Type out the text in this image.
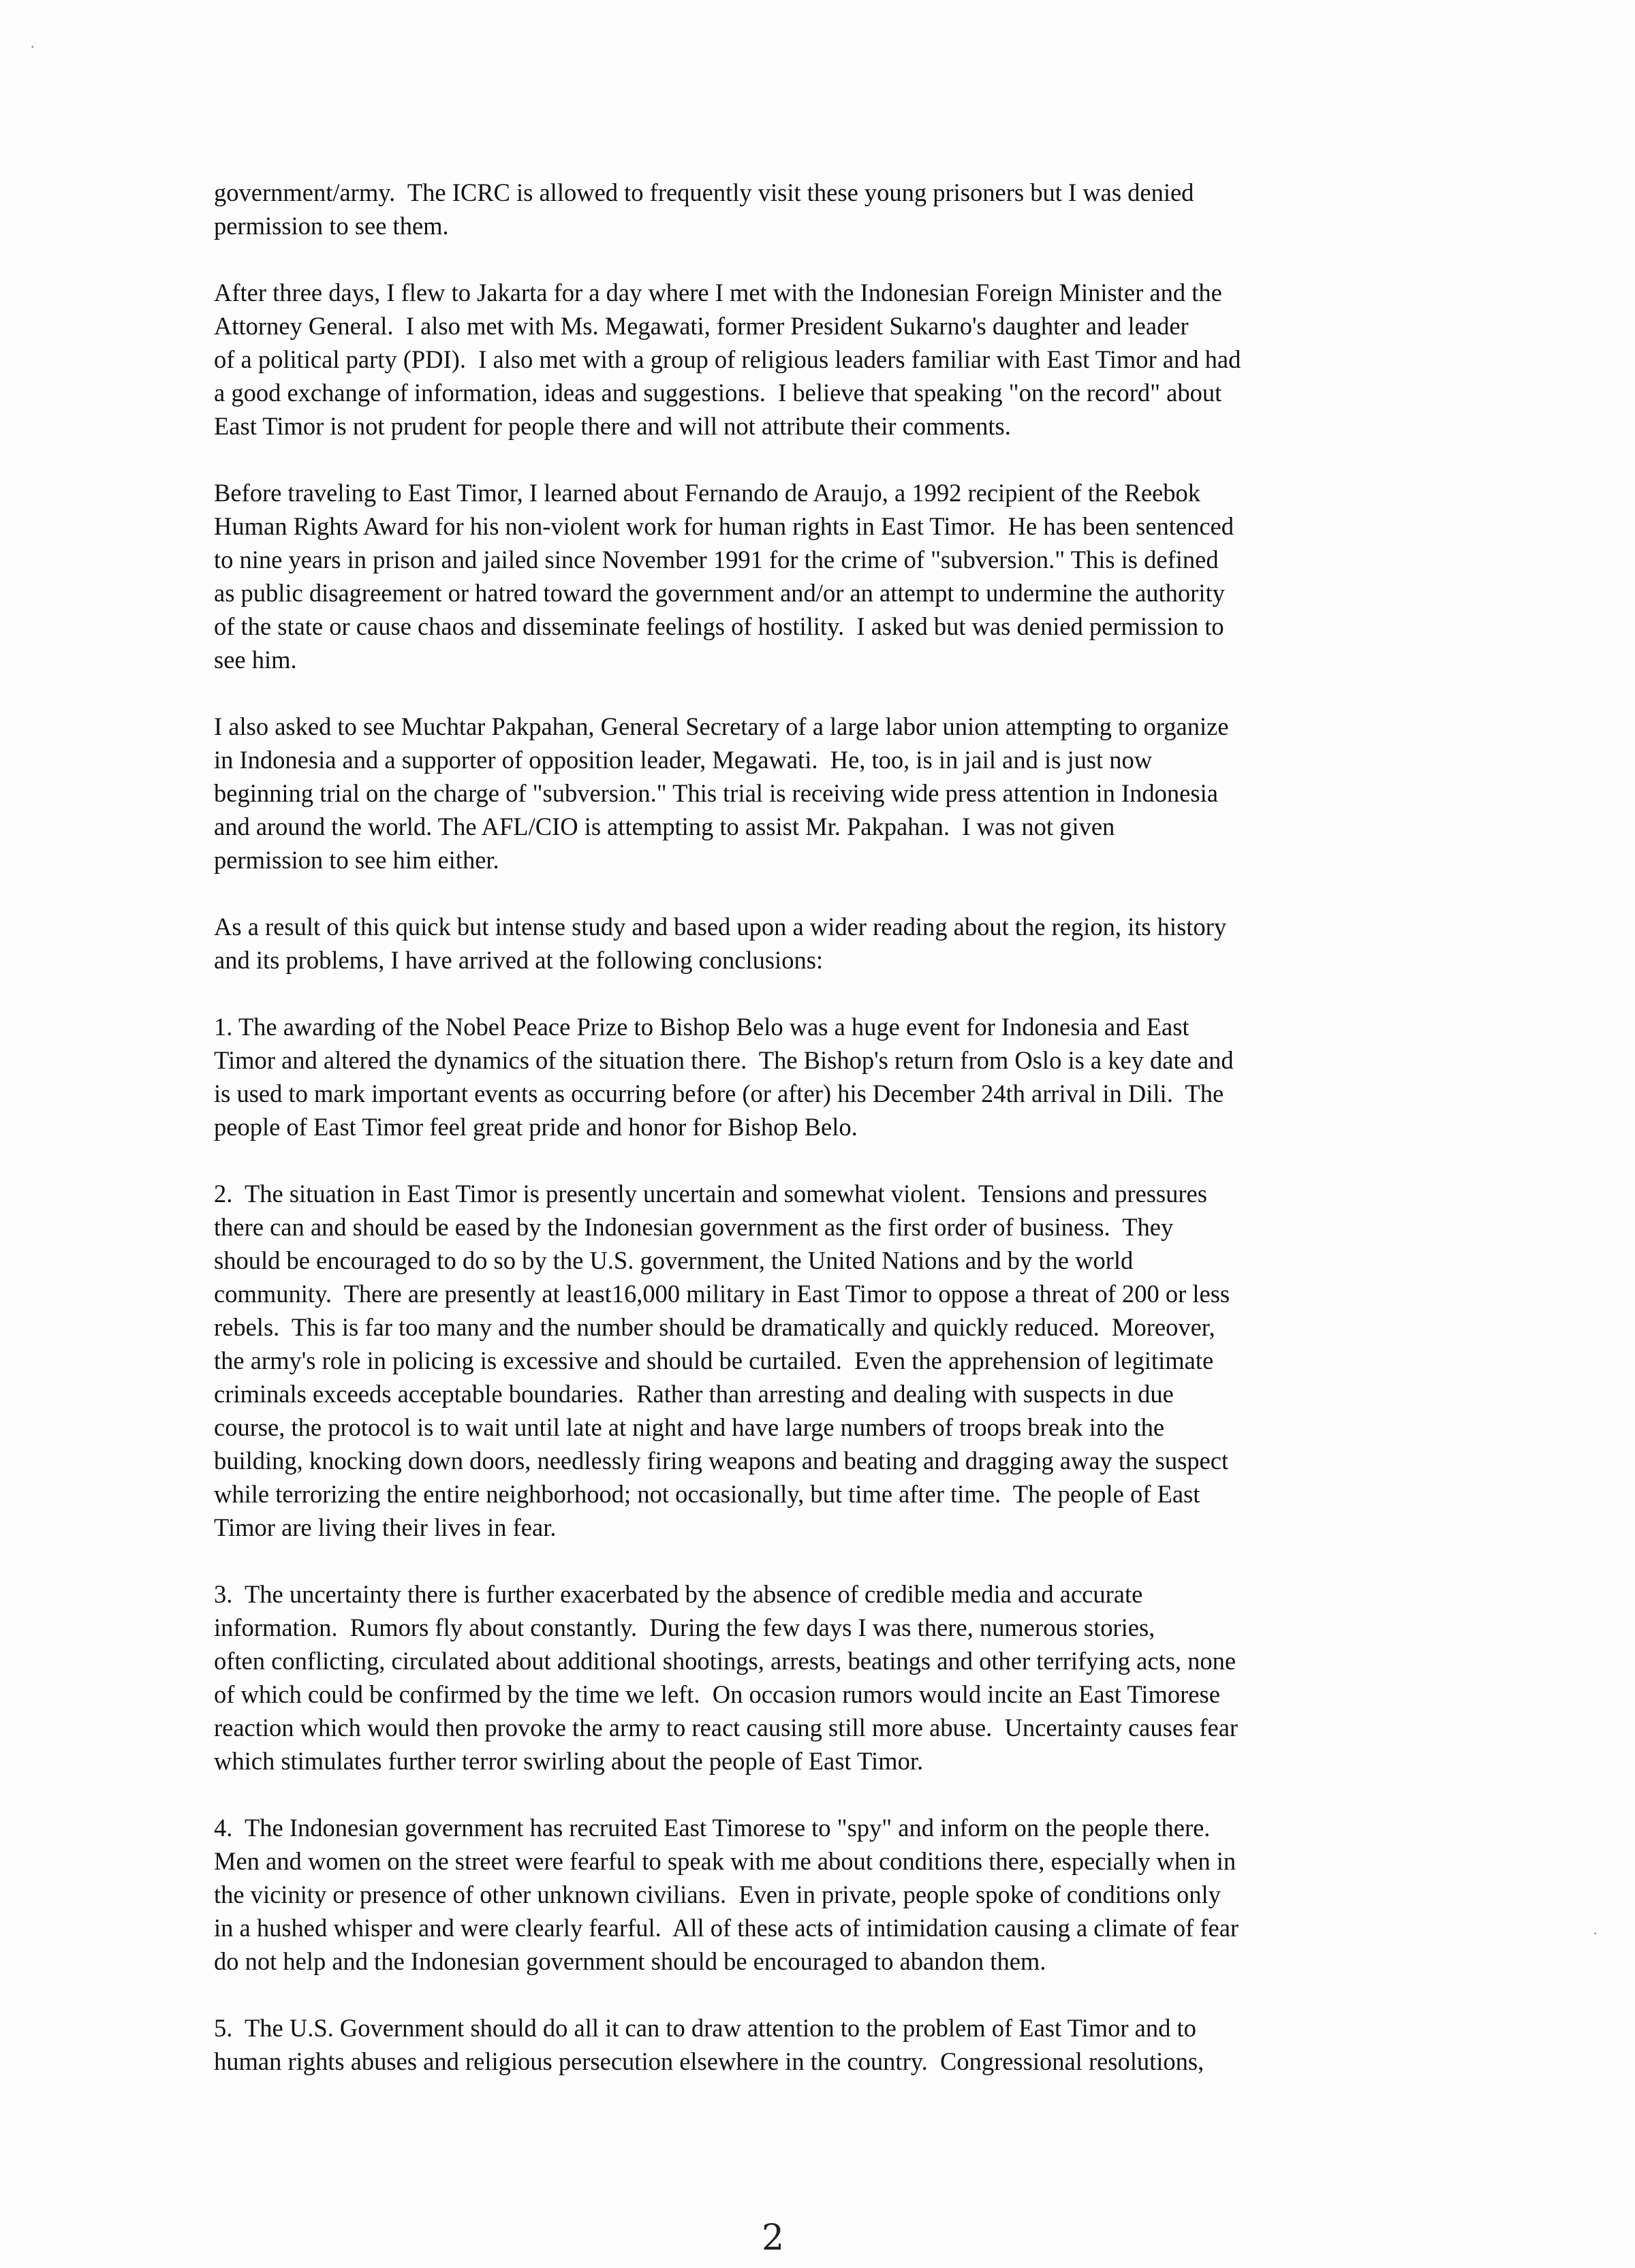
·
·
government/army.  The ICRC is allowed to frequently visit these young prisoners but I was denied
permission to see them.
After three days, I flew to Jakarta for a day where I met with the Indonesian Foreign Minister and the
Attorney General.  I also met with Ms. Megawati, former President Sukarno's daughter and leader
of a political party (PDI).  I also met with a group of religious leaders familiar with East Timor and had
a good exchange of information, ideas and suggestions.  I believe that speaking "on the record" about
East Timor is not prudent for people there and will not attribute their comments.
Before traveling to East Timor, I learned about Fernando de Araujo, a 1992 recipient of the Reebok
Human Rights Award for his non-violent work for human rights in East Timor.  He has been sentenced
to nine years in prison and jailed since November 1991 for the crime of "subversion." This is defined
as public disagreement or hatred toward the government and/or an attempt to undermine the authority
of the state or cause chaos and disseminate feelings of hostility.  I asked but was denied permission to
see him.
I also asked to see Muchtar Pakpahan, General Secretary of a large labor union attempting to organize
in Indonesia and a supporter of opposition leader, Megawati.  He, too, is in jail and is just now
beginning trial on the charge of "subversion." This trial is receiving wide press attention in Indonesia
and around the world. The AFL/CIO is attempting to assist Mr. Pakpahan.  I was not given
permission to see him either.
As a result of this quick but intense study and based upon a wider reading about the region, its history
and its problems, I have arrived at the following conclusions:
1. The awarding of the Nobel Peace Prize to Bishop Belo was a huge event for Indonesia and East
Timor and altered the dynamics of the situation there.  The Bishop's return from Oslo is a key date and
is used to mark important events as occurring before (or after) his December 24th arrival in Dili.  The
people of East Timor feel great pride and honor for Bishop Belo.
2.  The situation in East Timor is presently uncertain and somewhat violent.  Tensions and pressures
there can and should be eased by the Indonesian government as the first order of business.  They
should be encouraged to do so by the U.S. government, the United Nations and by the world
community.  There are presently at least16,000 military in East Timor to oppose a threat of 200 or less
rebels.  This is far too many and the number should be dramatically and quickly reduced.  Moreover,
the army's role in policing is excessive and should be curtailed.  Even the apprehension of legitimate
criminals exceeds acceptable boundaries.  Rather than arresting and dealing with suspects in due
course, the protocol is to wait until late at night and have large numbers of troops break into the
building, knocking down doors, needlessly firing weapons and beating and dragging away the suspect
while terrorizing the entire neighborhood; not occasionally, but time after time.  The people of East
Timor are living their lives in fear.
3.  The uncertainty there is further exacerbated by the absence of credible media and accurate
information.  Rumors fly about constantly.  During the few days I was there, numerous stories,
often conflicting, circulated about additional shootings, arrests, beatings and other terrifying acts, none
of which could be confirmed by the time we left.  On occasion rumors would incite an East Timorese
reaction which would then provoke the army to react causing still more abuse.  Uncertainty causes fear
which stimulates further terror swirling about the people of East Timor.
4.  The Indonesian government has recruited East Timorese to "spy" and inform on the people there.
Men and women on the street were fearful to speak with me about conditions there, especially when in
the vicinity or presence of other unknown civilians.  Even in private, people spoke of conditions only
in a hushed whisper and were clearly fearful.  All of these acts of intimidation causing a climate of fear
do not help and the Indonesian government should be encouraged to abandon them.
5.  The U.S. Government should do all it can to draw attention to the problem of East Timor and to
human rights abuses and religious persecution elsewhere in the country.  Congressional resolutions,
2
